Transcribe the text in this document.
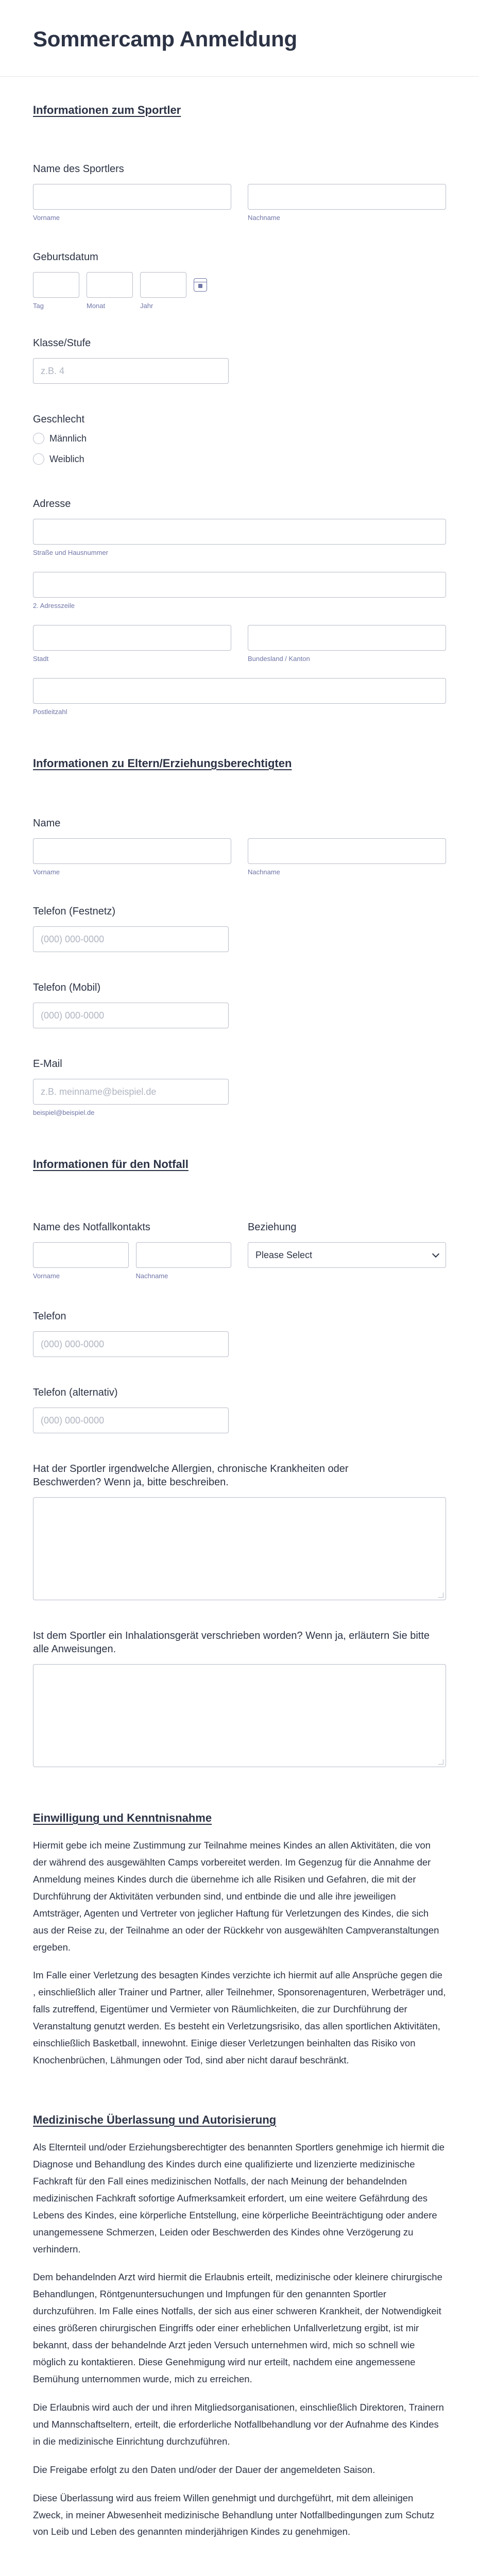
Sommercamp Anmeldung
Informationen zum Sportler
Name des Sportlers
Vorname	Nachname
Geburtsdatum
Tag	Monat	Jahr
Klasse/Stufe
z.B. 4
Geschlecht
Männlich
Weiblich
Adresse
Straße und Hausnummer
2. Adresszeile
Stadt	Bundesland / Kanton
Postleitzahl
Informationen zu Eltern/Erziehungsberechtigten
Name
Vorname	Nachname
Telefon (Festnetz)
(000) 000-0000
Telefon (Mobil)
(000) 000-0000
E-Mail
z.B. meinname@beispiel.de
beispiel@beispiel.de
Informationen für den Notfall
Name des Notfallkontakts
Vorname	Nachname
Beziehung
Please Select
Telefon
(000) 000-0000
Telefon (alternativ)
(000) 000-0000
Hat der Sportler irgendwelche Allergien, chronische Krankheiten oder Beschwerden? Wenn ja, bitte beschreiben.
Ist dem Sportler ein Inhalationsgerät verschrieben worden? Wenn ja, erläutern Sie bitte alle Anweisungen.
Einwilligung und Kenntnisnahme

Hiermit gebe ich meine Zustimmung zur Teilnahme meines Kindes an allen Aktivitäten, die von der während des ausgewählten Camps vorbereitet werden. Im Gegenzug für die Annahme der Anmeldung meines Kindes durch die übernehme ich alle Risiken und Gefahren, die mit der Durchführung der Aktivitäten verbunden sind, und entbinde die und alle ihre jeweiligen Amtsträger, Agenten und Vertreter von jeglicher Haftung für Verletzungen des Kindes, die sich aus der Reise zu, der Teilnahme an oder der Rückkehr von ausgewählten Campveranstaltungen ergeben.

Im Falle einer Verletzung des besagten Kindes verzichte ich hiermit auf alle Ansprüche gegen die , einschließlich aller Trainer und Partner, aller Teilnehmer, Sponsorenagenturen, Werbeträger und, falls zutreffend, Eigentümer und Vermieter von Räumlichkeiten, die zur Durchführung der Veranstaltung genutzt werden. Es besteht ein Verletzungsrisiko, das allen sportlichen Aktivitäten, einschließlich Basketball, innewohnt. Einige dieser Verletzungen beinhalten das Risiko von Knochenbrüchen, Lähmungen oder Tod, sind aber nicht darauf beschränkt.

Medizinische Überlassung und Autorisierung

Als Elternteil und/oder Erziehungsberechtigter des benannten Sportlers genehmige ich hiermit die Diagnose und Behandlung des Kindes durch eine qualifizierte und lizenzierte medizinische Fachkraft für den Fall eines medizinischen Notfalls, der nach Meinung der behandelnden medizinischen Fachkraft sofortige Aufmerksamkeit erfordert, um eine weitere Gefährdung des Lebens des Kindes, eine körperliche Entstellung, eine körperliche Beeinträchtigung oder andere unangemessene Schmerzen, Leiden oder Beschwerden des Kindes ohne Verzögerung zu verhindern.

Dem behandelnden Arzt wird hiermit die Erlaubnis erteilt, medizinische oder kleinere chirurgische Behandlungen, Röntgenuntersuchungen und Impfungen für den genannten Sportler durchzuführen. Im Falle eines Notfalls, der sich aus einer schweren Krankheit, der Notwendigkeit eines größeren chirurgischen Eingriffs oder einer erheblichen Unfallverletzung ergibt, ist mir bekannt, dass der behandelnde Arzt jeden Versuch unternehmen wird, mich so schnell wie möglich zu kontaktieren. Diese Genehmigung wird nur erteilt, nachdem eine angemessene Bemühung unternommen wurde, mich zu erreichen.

Die Erlaubnis wird auch der und ihren Mitgliedsorganisationen, einschließlich Direktoren, Trainern und Mannschaftseltern, erteilt, die erforderliche Notfallbehandlung vor der Aufnahme des Kindes in die medizinische Einrichtung durchzuführen.

Die Freigabe erfolgt zu den Daten und/oder der Dauer der angemeldeten Saison.

Diese Überlassung wird aus freiem Willen genehmigt und durchgeführt, mit dem alleinigen Zweck, in meiner Abwesenheit medizinische Behandlung unter Notfallbedingungen zum Schutz von Leib und Leben des genannten minderjährigen Kindes zu genehmigen.
